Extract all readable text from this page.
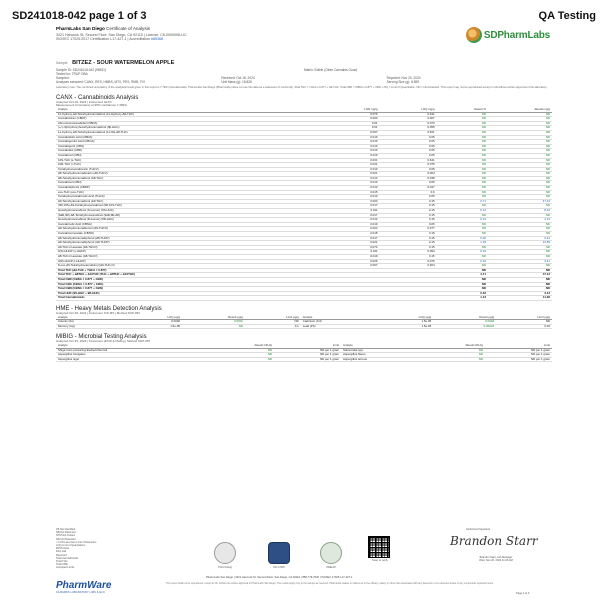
SD241018-042 page 1 of 3	QA Testing
PharmLabs San Diego Certificate of Analysis
3421 Hancock St, Second Floor, San Diego, CA 92110 | License: C8-0000098-LIC
ISO/IEC 17025:2017 Certification L17-427-1 | Accreditation #85368	SDPharmLabs
Sample BITZEZ - SOUR WATERMELON APPLE
Sample ID: SD241018-042 (98531)	Matrix: Edible (Other Cannabis Good)
Tested for: TRUP DBA
Sampled:	Received: Oct 18, 2024	Reported: Nov 20, 2024
Analyses executed: CANX, RES, HMBS, MTX, PES, RMB, FVI	Unit Mass (g): 18.828	Serving Size (g): 8.895
Laboratory note: The combined uncertainty of the analytical result given in this report is 7.79% (Cannabinoids). PharmLabs San Diego (PharmLabs) does not use this data as a statement of conformity. Total THC = THCA x 0.877 + Δ9-THC. Total CBD = CBDA x 0.877 + CBD. LOQ = Limit of Quantitation. ND = Not Detected. This report may not be reproduced except in full without written approval of the laboratory.
CANX - Cannabinoids Analysis
Analyzed Oct 29, 2024 | Instrument HLPC
Measurement Uncertainty at 95% confidence 7.369%
Analyte	LOD mg/g	LOQ mg/g	Result %	Result mg/g
11-hydroxy-Δ9-Tetrahydrocannabinol (11-Hydroxy-Δ9-THC)	0.075	0.641	ND	ND
Cannabicitran (CBDT)	0.003	0.007	ND	ND
Abnormal-Cannabidiol (CBDA)	0.01	0.073	ND	ND
(+/-)-9β-hydroxyhexahydrocannabinol (9β-HHC)	0.01	0.055	ND	ND
11-hydroxy-Δ8-Tetrahydrocannabinol (11-OH-Δ8-THC)	0.067	0.521	ND	ND
Cannabidiolic Acid (CBDA)	0.010	0.05	ND	ND
Cannabigerolic Acid (CBGA)	0.010	0.05	ND	ND
Cannabigerol (CBG)	0.010	0.05	ND	ND
Cannabidiol (CBD)	0.010	0.05	ND	ND
Cannabinol (CBN)	0.010	0.05	ND	ND
10S-THC (s-THC)	0.001	0.641	ND	ND
10R-THC (r-THC)	0.021	0.075	ND	ND
Tetrahydrocannabivarin (THCV)	0.010	0.05	ND	ND
Δ8-Tetrahydrocannabivarin (Δ8-THCV)	0.021	0.064	ND	ND
Δ8-Tetrahydrocannabinol (Δ8-THC)	0.012	0.038	ND	ND
Cannabinol (CBN)	0.010	0.05	ND	ND
Cannabidiphorol (CBDP)	0.013	0.047	ND	ND
exo-THC (exo-THC)	0.015	0.6	ND	ND
Tetrahydrocannabinolic Acid (THCA)	0.010	0.05	ND	ND
Δ9-Tetrahydrocannabinol (Δ9-THC)	0.003	0.15	0.71	47.13
(9R,10S)-Δ9-Tetrahydrocannabinol (9R,10S-THC)	0.017	0.15	ND	ND
Hexahydrocannabinol (S-isomer) (9S-HHC)	0.011	0.15	0.12	8.19
(9aR,9R)-Δ8-Tetrahydrocannabinol (9aR,9R-Δ8)	0.017	0.15	ND	ND
Hexahydrocannabinol (R-isomer) (9R-HHC)	0.012	0.15	0.21	2.13
Cannabinolic Acid (CBNA)	0.010	0.05	ND	ND
Δ9-Tetrahydrocannabiorcol (Δ9-THCO)	0.024	0.077	ND	ND
Cannabinol acetate (CBNO)	0.015	0.15	ND	ND
Δ8-Tetrahydrocannabiphorol (Δ8-THCP)	0.017	0.15	0.02	0.21
Δ9-Tetrahydrocannabiphorol (Δ9-THCP)	0.021	0.15	1.39	13.59
Δ9-THC-O-acetate (Δ9-THCO)	0.074	0.15	ND	ND
9(S)-HHCP (s-HHCP)	0.011	0.094	0.19	ND
Δ8-THC-O-acetate (Δ8-THCO)	0.019	0.15	ND	ND
9(R)-HHCP (r-HHCP)	0.026	0.076	0.34	3.41
8-oxo-Δ9-Tetrahydrocannabinol (Δ9-THC-O)	0.067	0.304	ND	ND
Total THC (Δ9-THC + THCA × 0.877)			ND	ND
Total THC + Δ8THC + Δ10THC (THC + Δ8THC + Δ10THC)			4.71	47.13
Total CBD (CBDA × 0.877 + CBD)			ND	ND
Total CBG (CBGA × 0.877 + CBG)			ND	ND
Total CBN (CBNA × 0.877 + CBN)			ND	ND
Total HHC (9S-HHC + 9R-HHC)			0.33	3.13
Total Cannabinoids			1.13	11.36
HME - Heavy Metals Detection Analysis
Analyzed Oct 30, 2024 | Instrument ICP-MS | Method SOP-053
Analyte	LOQ µg/g	Result µg/g	Limit µg/g	Analyte	LOQ µg/g	Result µg/g	Limit µg/g
Arsenic (As)	0.0002	0.0001	ND	Cadmium (Cd)	1.5e-05	0.0002	ND
Mercury (Hg)	1.5e-05	ND	0.1	Lead (Pb)	1.5e-05	0.00022	0.02
MIBIG - Microbial Testing Analysis
Analyzed Oct 29, 2024 | Instrument qPCR & Plating | Method SOP-057
Analyte	Result CFU/g	Limit	Analyte	Result CFU/g	Limit
Shiga toxin producing Escherichia Coli	ND	ND per 1 gram	Salmonella spp.	ND	ND per 1 gram
Aspergillus fumigatus	ND	ND per 1 gram	Aspergillus flavus	ND	ND per 1 gram
Aspergillus niger	ND	ND per 1 gram	Aspergillus terreus	ND	ND per 1 gram
LB Not Identified
NB Not Detected
NTM Not Tested
ND Not Detected
< LOD Less than Limit of Detection
LOQ Limit of Quantitation
PASS Pass
FAIL Fail
Reported
Total Cannabinoids
Total THC
Total CBD
Accepted Limits
PharmWare
CANNABIS LABORATORY LIMS & ELN
PJLA Testing	ISO 17025	ORELAP
Scan to verify
Authorized Signature
Brandon Starr
Brandon Starr, Lab Manager
Wed, Nov 20, 2024 11:26 AM
PharmLabs San Diego | 3421 Hancock St, Second Floor, San Diego, CA 92110 | 858-779-7020 | ISO/IEC 17025 L17-427-1
This report shall not be reproduced, except in full, without the written approval of PharmLabs San Diego. The results apply only to the sample as received. PharmLabs makes no claims as to the efficacy, safety or other risks associated with any detected or non-detected levels of any compounds reported herein.
Page 1 of 3
